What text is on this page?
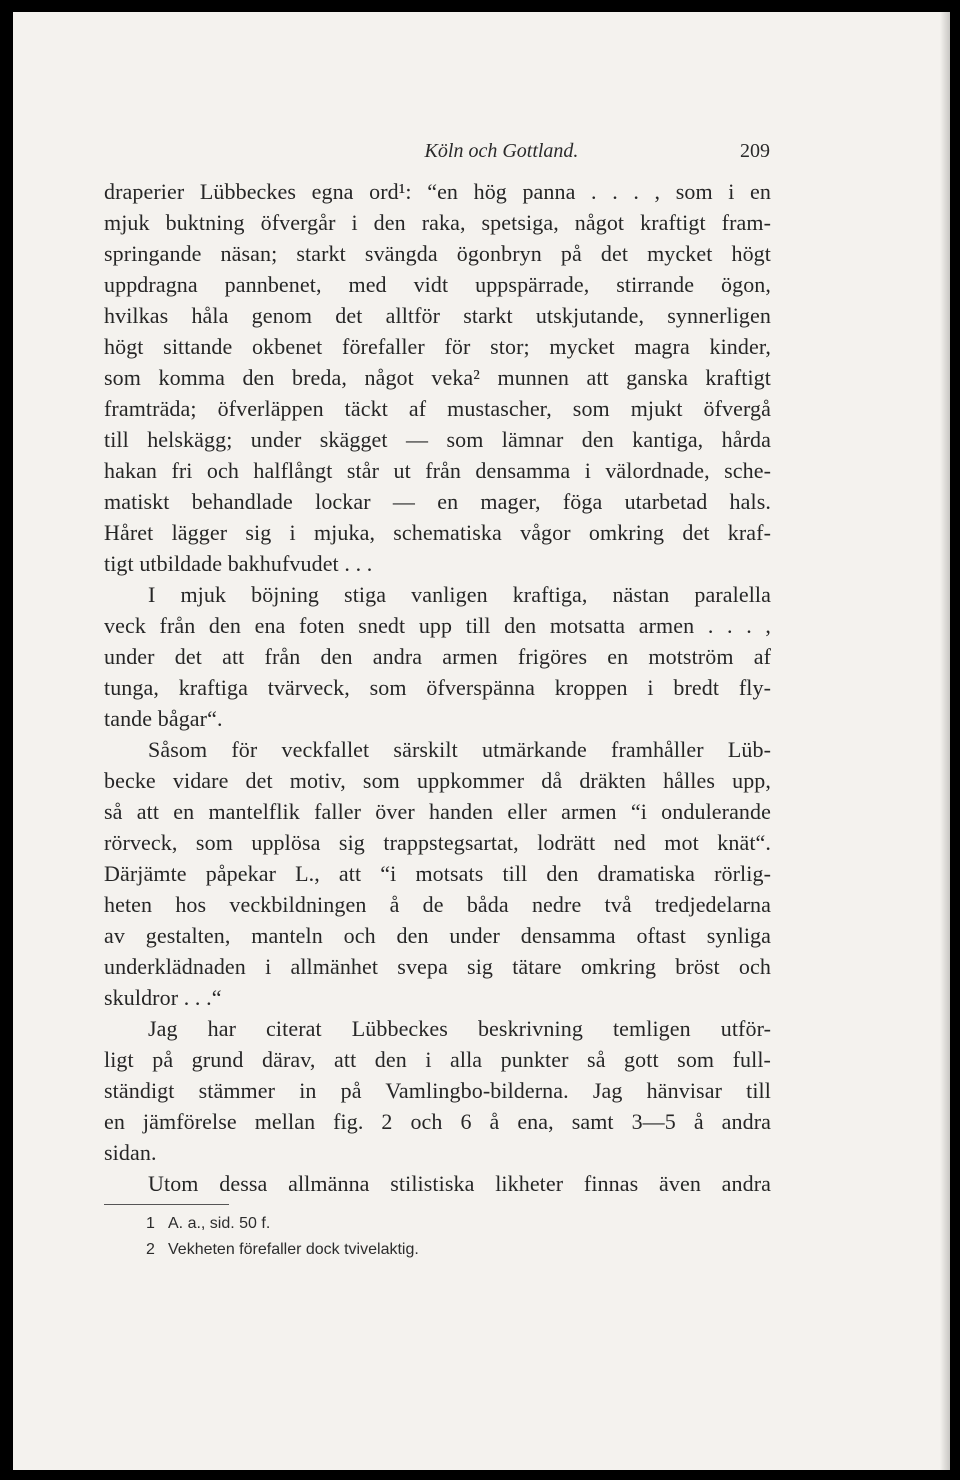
Köln och Gottland.	209
draperier Lübbeckes egna ord¹: “en hög panna . . . , som i en
mjuk buktning öfvergår i den raka, spetsiga, något kraftigt fram-
springande näsan; starkt svängda ögonbryn på det mycket högt
uppdragna pannbenet, med vidt uppspärrade, stirrande ögon,
hvilkas håla genom det alltför starkt utskjutande, synnerligen
högt sittande okbenet förefaller för stor; mycket magra kinder,
som komma den breda, något veka² munnen att ganska kraftigt
framträda; öfverläppen täckt af mustascher, som mjukt öfvergå
till helskägg; under skägget — som lämnar den kantiga, hårda
hakan fri och halflångt står ut från densamma i välordnade, sche-
matiskt behandlade lockar — en mager, föga utarbetad hals.
Håret lägger sig i mjuka, schematiska vågor omkring det kraf-
tigt utbildade bakhufvudet . . .
I mjuk böjning stiga vanligen kraftiga, nästan paralella
veck från den ena foten snedt upp till den motsatta armen . . . ,
under det att från den andra armen frigöres en motström af
tunga, kraftiga tvärveck, som öfverspänna kroppen i bredt fly-
tande bågar“.
Såsom för veckfallet särskilt utmärkande framhåller Lüb-
becke vidare det motiv, som uppkommer då dräkten hålles upp,
så att en mantelflik faller över handen eller armen “i ondulerande
rörveck, som upplösa sig trappstegsartat, lodrätt ned mot knät“.
Därjämte påpekar L., att “i motsats till den dramatiska rörlig-
heten hos veckbildningen å de båda nedre två tredjedelarna
av gestalten, manteln och den under densamma oftast synliga
underklädnaden i allmänhet svepa sig tätare omkring bröst och
skuldror . . .“
Jag har citerat Lübbeckes beskrivning temligen utför-
ligt på grund därav, att den i alla punkter så gott som full-
ständigt stämmer in på Vamlingbo-bilderna. Jag hänvisar till
en jämförelse mellan fig. 2 och 6 å ena, samt 3—5 å andra
sidan.
Utom dessa allmänna stilistiska likheter finnas även andra
1 A. a., sid. 50 f.
2 Vekheten förefaller dock tvivelaktig.
